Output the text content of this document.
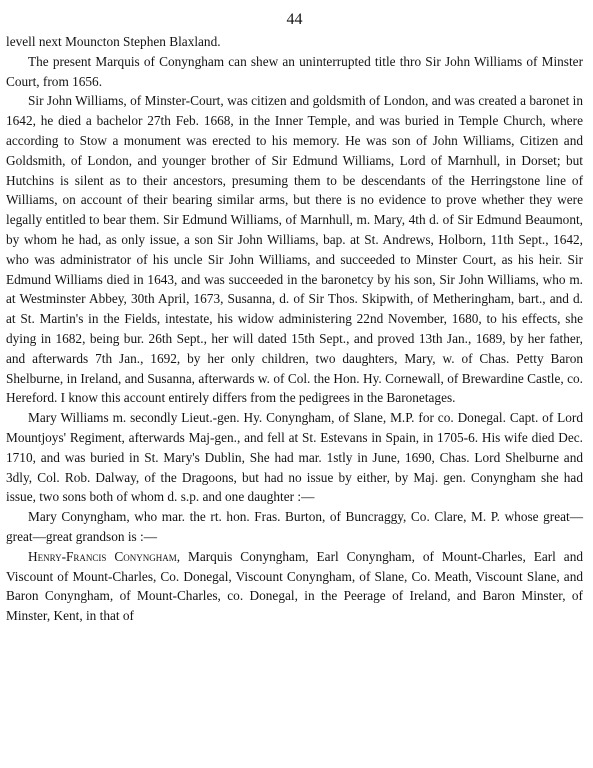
44

levell next Mouncton Stephen Blaxland.

The present Marquis of Conyngham can shew an uninterrupted title thro Sir John Williams of Minster Court, from 1656.

Sir John Williams, of Minster-Court, was citizen and goldsmith of London, and was created a baronet in 1642, he died a bachelor 27th Feb. 1668, in the Inner Temple, and was buried in Temple Church, where according to Stow a monument was erected to his memory. He was son of John Williams, Citizen and Goldsmith, of London, and younger brother of Sir Edmund Williams, Lord of Marnhull, in Dorset; but Hutchins is silent as to their ancestors, presuming them to be descendants of the Herringstone line of Williams, on account of their bearing similar arms, but there is no evidence to prove whether they were legally entitled to bear them. Sir Edmund Williams, of Marnhull, m. Mary, 4th d. of Sir Edmund Beaumont, by whom he had, as only issue, a son Sir John Williams, bap. at St. Andrews, Holborn, 11th Sept., 1642, who was administrator of his uncle Sir John Williams, and succeeded to Minster Court, as his heir. Sir Edmund Williams died in 1643, and was succeeded in the baronetcy by his son, Sir John Williams, who m. at Westminster Abbey, 30th April, 1673, Susanna, d. of Sir Thos. Skipwith, of Metheringham, bart., and d. at St. Martin's in the Fields, intestate, his widow administering 22nd November, 1680, to his effects, she dying in 1682, being bur. 26th Sept., her will dated 15th Sept., and proved 13th Jan., 1689, by her father, and afterwards 7th Jan., 1692, by her only children, two daughters, Mary, w. of Chas. Petty Baron Shelburne, in Ireland, and Susanna, afterwards w. of Col. the Hon. Hy. Cornewall, of Brewardine Castle, co. Hereford. I know this account entirely differs from the pedigrees in the Baronetages.

Mary Williams m. secondly Lieut.-gen. Hy. Conyngham, of Slane, M.P. for co. Donegal. Capt. of Lord Mountjoys' Regiment, afterwards Maj-gen., and fell at St. Estevans in Spain, in 1705-6. His wife died Dec. 1710, and was buried in St. Mary's Dublin, She had mar. 1stly in June, 1690, Chas. Lord Shelburne and 3dly, Col. Rob. Dalway, of the Dragoons, but had no issue by either, by Maj. gen. Conyngham she had issue, two sons both of whom d. s.p. and one daughter :—

Mary Conyngham, who mar. the rt. hon. Fras. Burton, of Buncraggy, Co. Clare, M. P. whose great—great—great grandson is :—

Henry-Francis Conyngham, Marquis Conyngham, Earl Conyngham, of Mount-Charles, Earl and Viscount of Mount-Charles, Co. Donegal, Viscount Conyngham, of Slane, Co. Meath, Viscount Slane, and Baron Conyngham, of Mount-Charles, co. Donegal, in the Peerage of Ireland, and Baron Minster, of Minster, Kent, in that of
